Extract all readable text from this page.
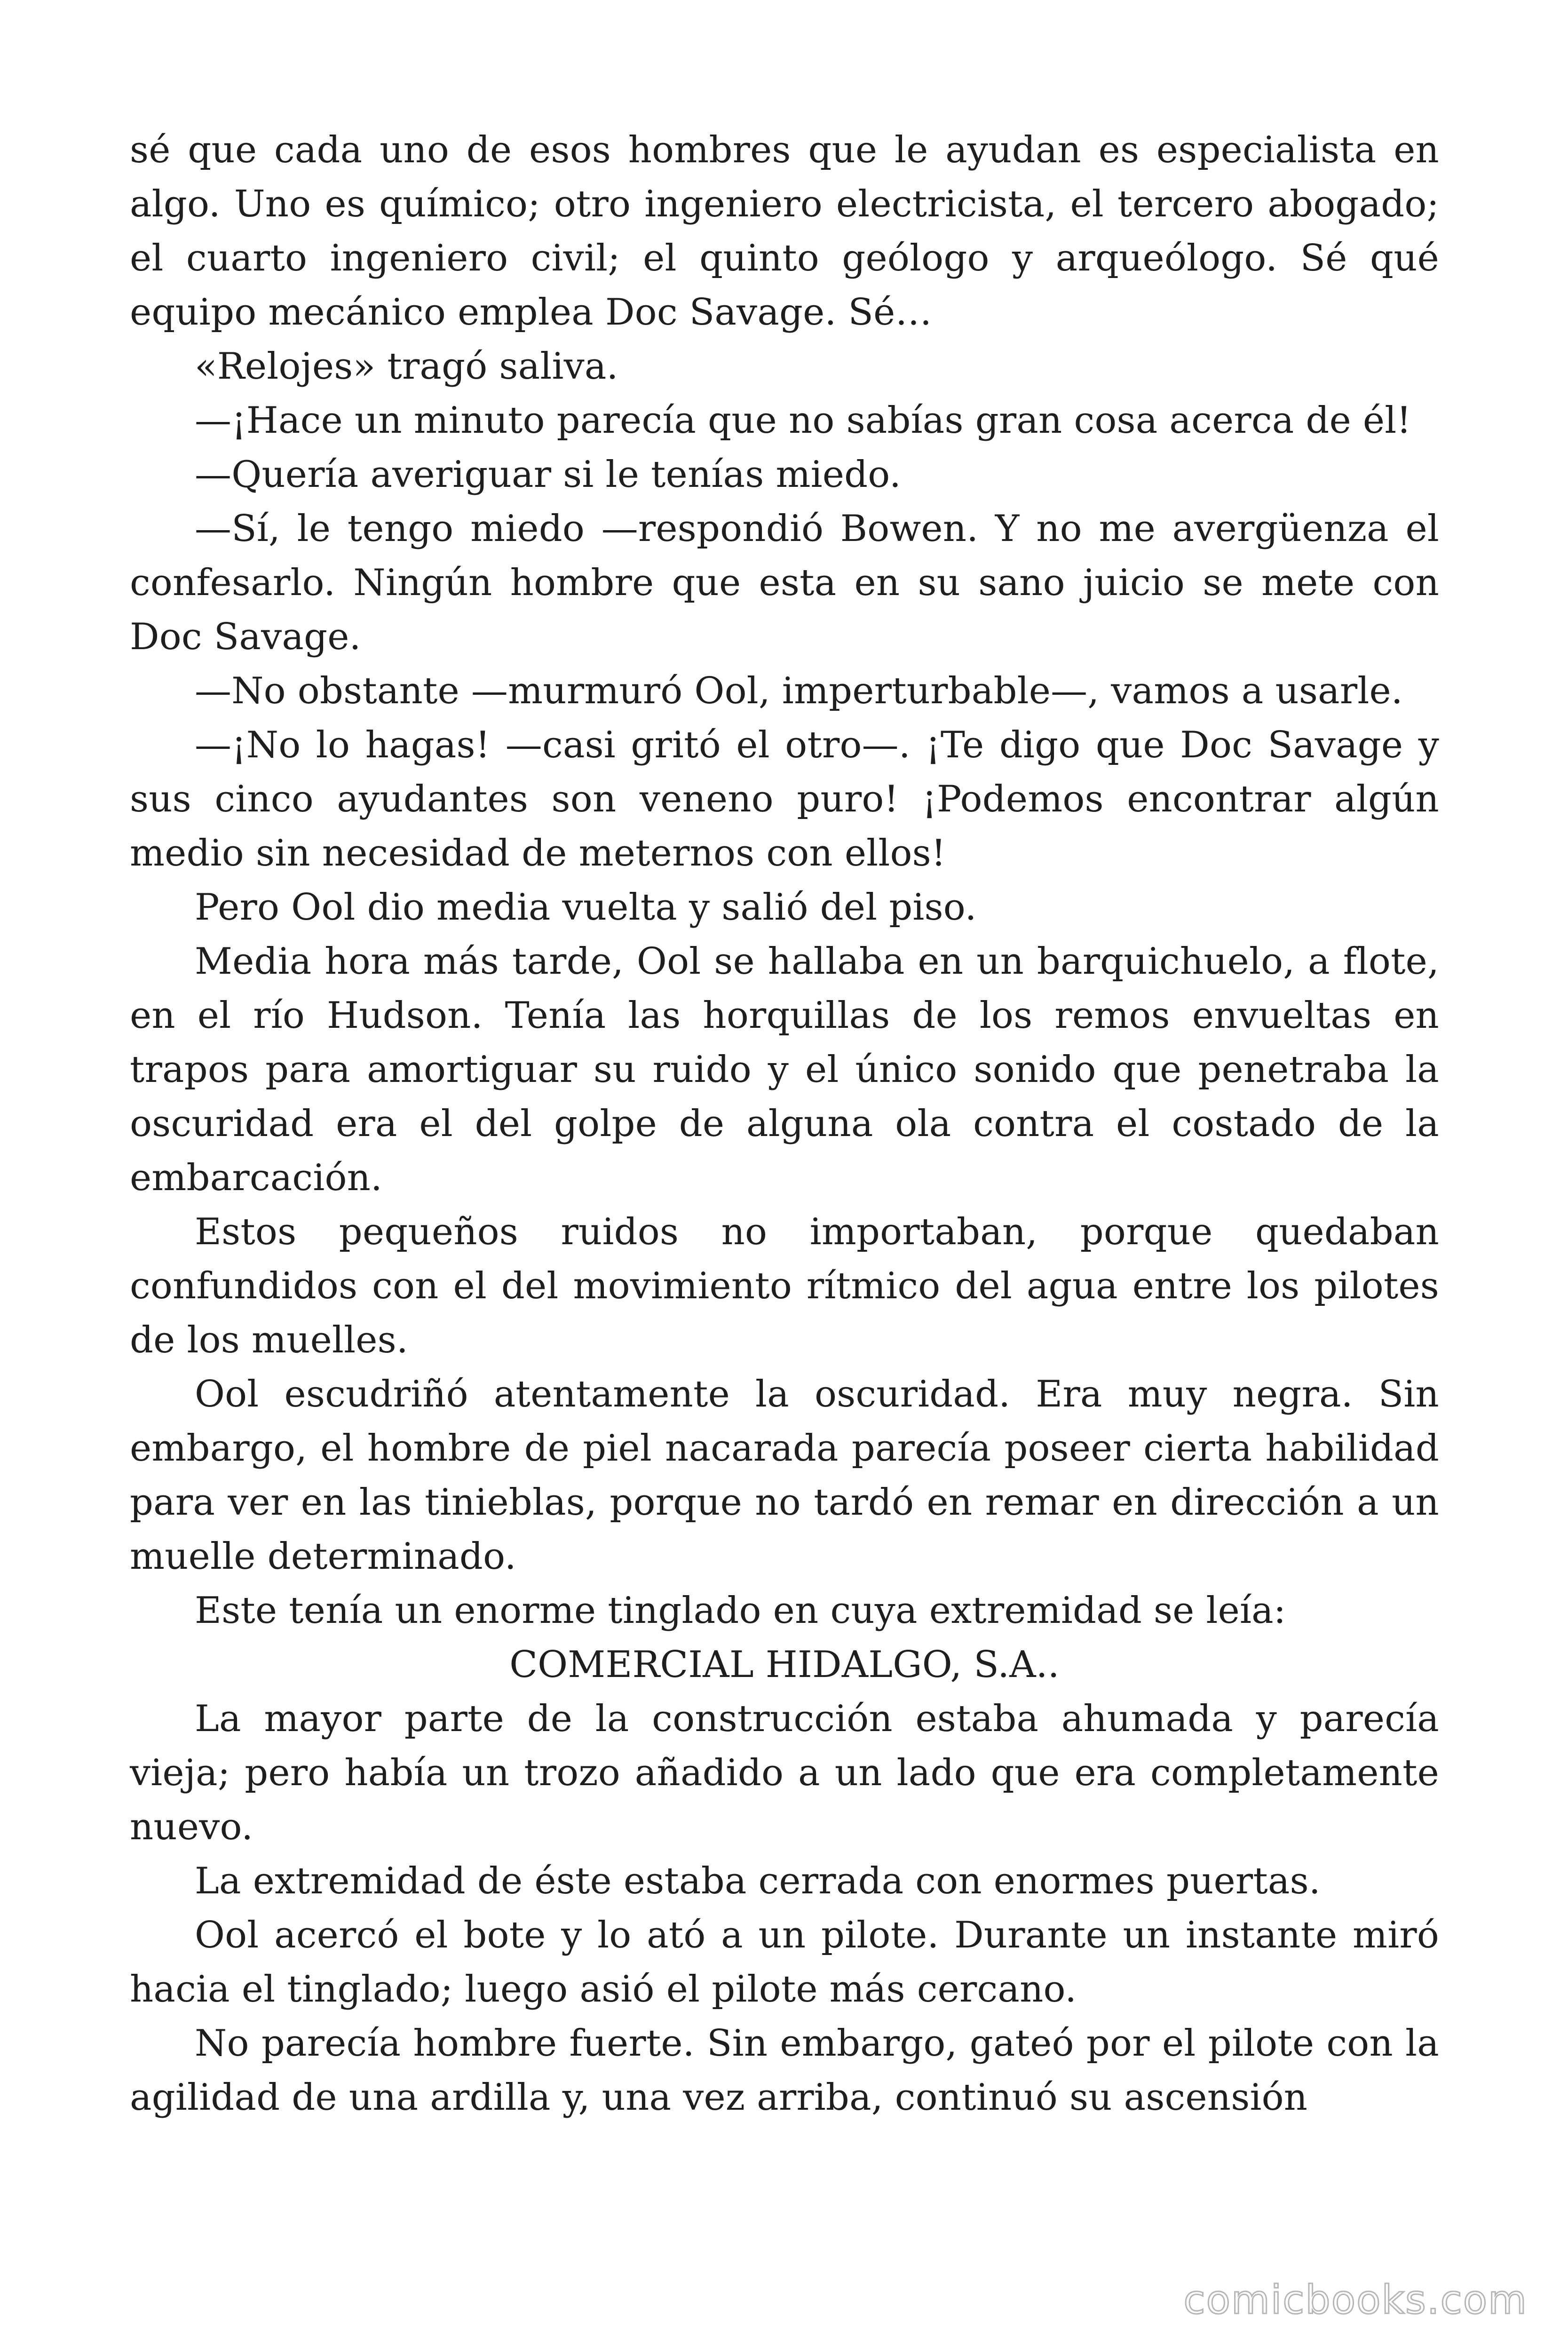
sé que cada uno de esos hombres que le ayudan es especialista en algo. Uno es químico; otro ingeniero electricista, el tercero abogado; el cuarto ingeniero civil; el quinto geólogo y arqueólogo. Sé qué equipo mecánico emplea Doc Savage. Sé…

«Relojes» tragó saliva.

—¡Hace un minuto parecía que no sabías gran cosa acerca de él!

—Quería averiguar si le tenías miedo.

—Sí, le tengo miedo —respondió Bowen. Y no me avergüenza el confesarlo. Ningún hombre que esta en su sano juicio se mete con Doc Savage.

—No obstante —murmuró Ool, imperturbable—, vamos a usarle.

—¡No lo hagas! —casi gritó el otro—. ¡Te digo que Doc Savage y sus cinco ayudantes son veneno puro! ¡Podemos encontrar algún medio sin necesidad de meternos con ellos!

Pero Ool dio media vuelta y salió del piso.

Media hora más tarde, Ool se hallaba en un barquichuelo, a flote, en el río Hudson. Tenía las horquillas de los remos envueltas en trapos para amortiguar su ruido y el único sonido que penetraba la oscuridad era el del golpe de alguna ola contra el costado de la embarcación.

Estos pequeños ruidos no importaban, porque quedaban confundidos con el del movimiento rítmico del agua entre los pilotes de los muelles.

Ool escudriñó atentamente la oscuridad. Era muy negra. Sin embargo, el hombre de piel nacarada parecía poseer cierta habilidad para ver en las tinieblas, porque no tardó en remar en dirección a un muelle determinado.

Este tenía un enorme tinglado en cuya extremidad se leía:

COMERCIAL HIDALGO, S.A..

La mayor parte de la construcción estaba ahumada y parecía vieja; pero había un trozo añadido a un lado que era completamente nuevo.

La extremidad de éste estaba cerrada con enormes puertas.

Ool acercó el bote y lo ató a un pilote. Durante un instante miró hacia el tinglado; luego asió el pilote más cercano.

No parecía hombre fuerte. Sin embargo, gateó por el pilote con la agilidad de una ardilla y, una vez arriba, continuó su ascensión

comicbooks.com
